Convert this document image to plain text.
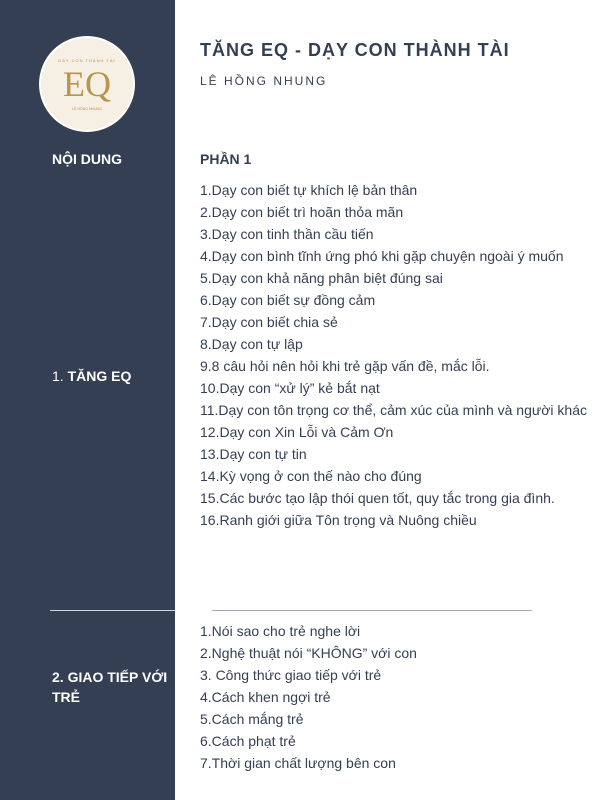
DẠY CON THÀNH TÀI
EQ
LÊ HỒNG NHUNG
NỘI DUNG
1. TĂNG EQ
2. GIAO TIẾP VỚI TRẺ
TĂNG EQ - DẠY CON THÀNH TÀI
LÊ HỒNG NHUNG
PHẦN 1
1.Dạy con biết tự khích lệ bản thân
2.Dạy con biết trì hoãn thỏa mãn
3.Dạy con tinh thần cầu tiến
4.Dạy con bình tĩnh ứng phó khi gặp chuyện ngoài ý muốn
5.Dạy con khả năng phân biệt đúng sai
6.Dạy con biết sự đồng cảm
7.Dạy con biết chia sẻ
8.Dạy con tự lập
9.8 câu hỏi nên hỏi khi trẻ gặp vấn đề, mắc lỗi.
10.Dạy con “xử lý” kẻ bắt nạt
11.Dạy con tôn trọng cơ thể, cảm xúc của mình và người khác
12.Dạy con Xin Lỗi và Cảm Ơn
13.Dạy con tự tin
14.Kỳ vọng ở con thế nào cho đúng
15.Các bước tạo lập thói quen tốt, quy tắc trong gia đình.
16.Ranh giới giữa Tôn trọng và Nuông chiều
1.Nói sao cho trẻ nghe lời
2.Nghệ thuật nói “KHÔNG” với con
3. Công thức giao tiếp với trẻ
4.Cách khen ngợi trẻ
5.Cách mắng trẻ
6.Cách phạt trẻ
7.Thời gian chất lượng bên con
